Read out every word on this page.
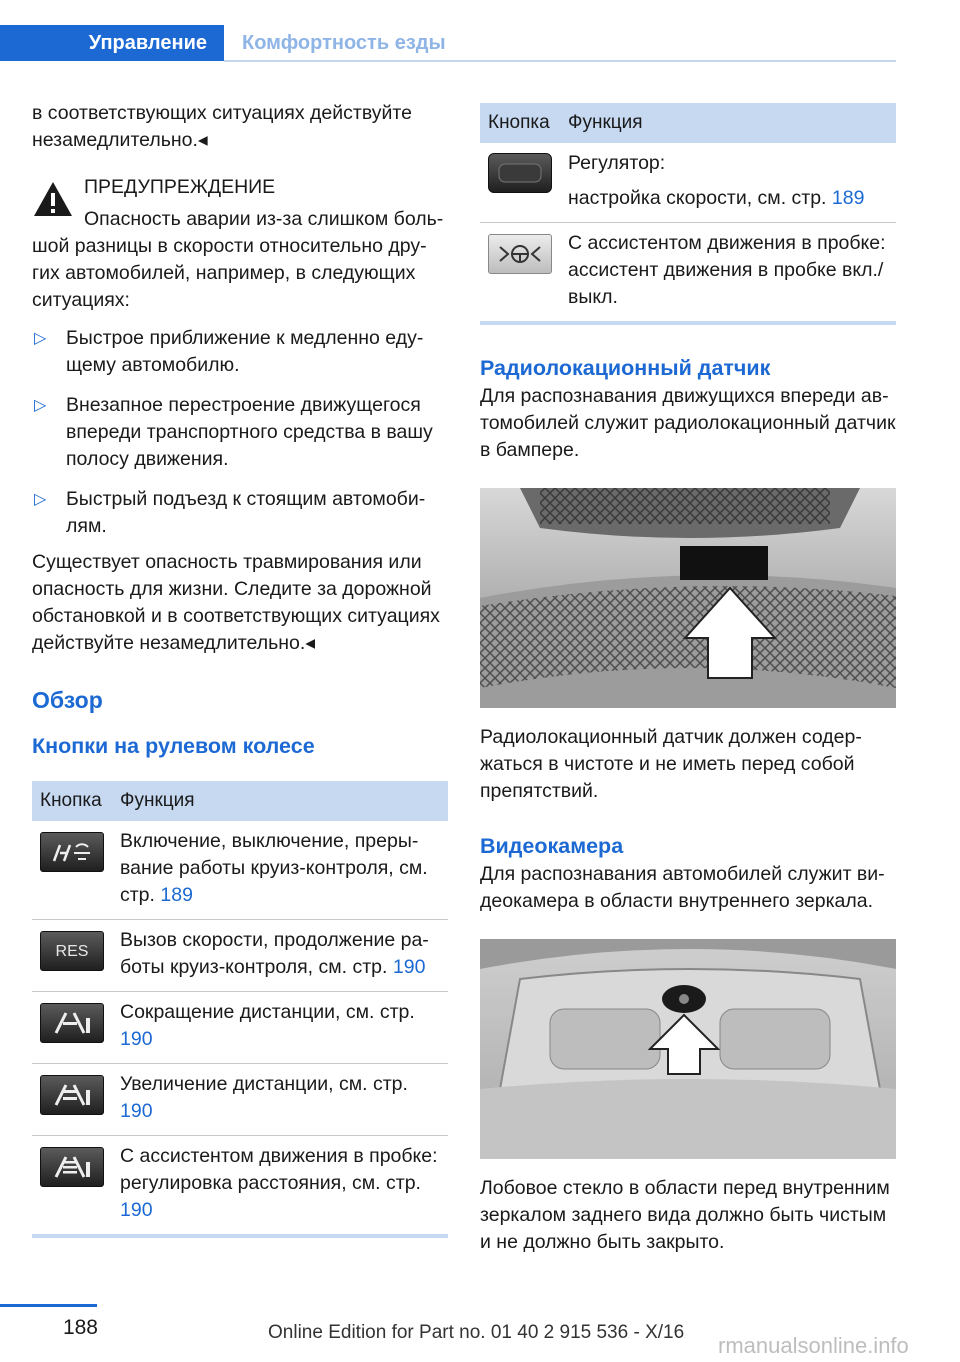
Управление	Комфортность езды

в соответствующих ситуациях действуйте незамедлительно.◂

ПРЕДУПРЕЖДЕНИЕ

Опасность аварии из-за слишком боль-шой разницы в скорости относительно дру-гих автомобилей, например, в следующих ситуациях:

▷ Быстрое приближение к медленно еду-щему автомобилю.
▷ Внезапное перестроение движущегося впереди транспортного средства в вашу полосу движения.
▷ Быстрый подъезд к стоящим автомоби-лям.

Существует опасность травмирования или опасность для жизни. Следите за дорожной обстановкой и в соответствующих ситуациях действуйте незамедлительно.◂

Обзор
Кнопки на рулевом колесе
Кнопка	Функция

	Включение, выключение, преры-вание работы круиз-контроля, см. стр. 189

RES	Вызов скорости, продолжение ра-боты круиз-контроля, см. стр. 190

	Сокращение дистанции, см. стр. 190

	Увеличение дистанции, см. стр. 190

	С ассистентом движения в пробке: регулировка расстояния, см. стр. 190
Кнопка	Функция

Регулятор:
настройка скорости, см. стр. 189

	С ассистентом движения в пробке: ассистент движения в пробке вкл./выкл.
Радиолокационный датчик

Для распознавания движущихся впереди ав-томобилей служит радиолокационный датчик в бампере.

Радиолокационный датчик должен содер-жаться в чистоте и не иметь перед собой препятствий.

Видеокамера

Для распознавания автомобилей служит ви-деокамера в области внутреннего зеркала.

Лобовое стекло в области перед внутренним зеркалом заднего вида должно быть чистым и не должно быть закрыто.

188	Online Edition for Part no. 01 40 2 915 536 - X/16
rmanualsonline.info
